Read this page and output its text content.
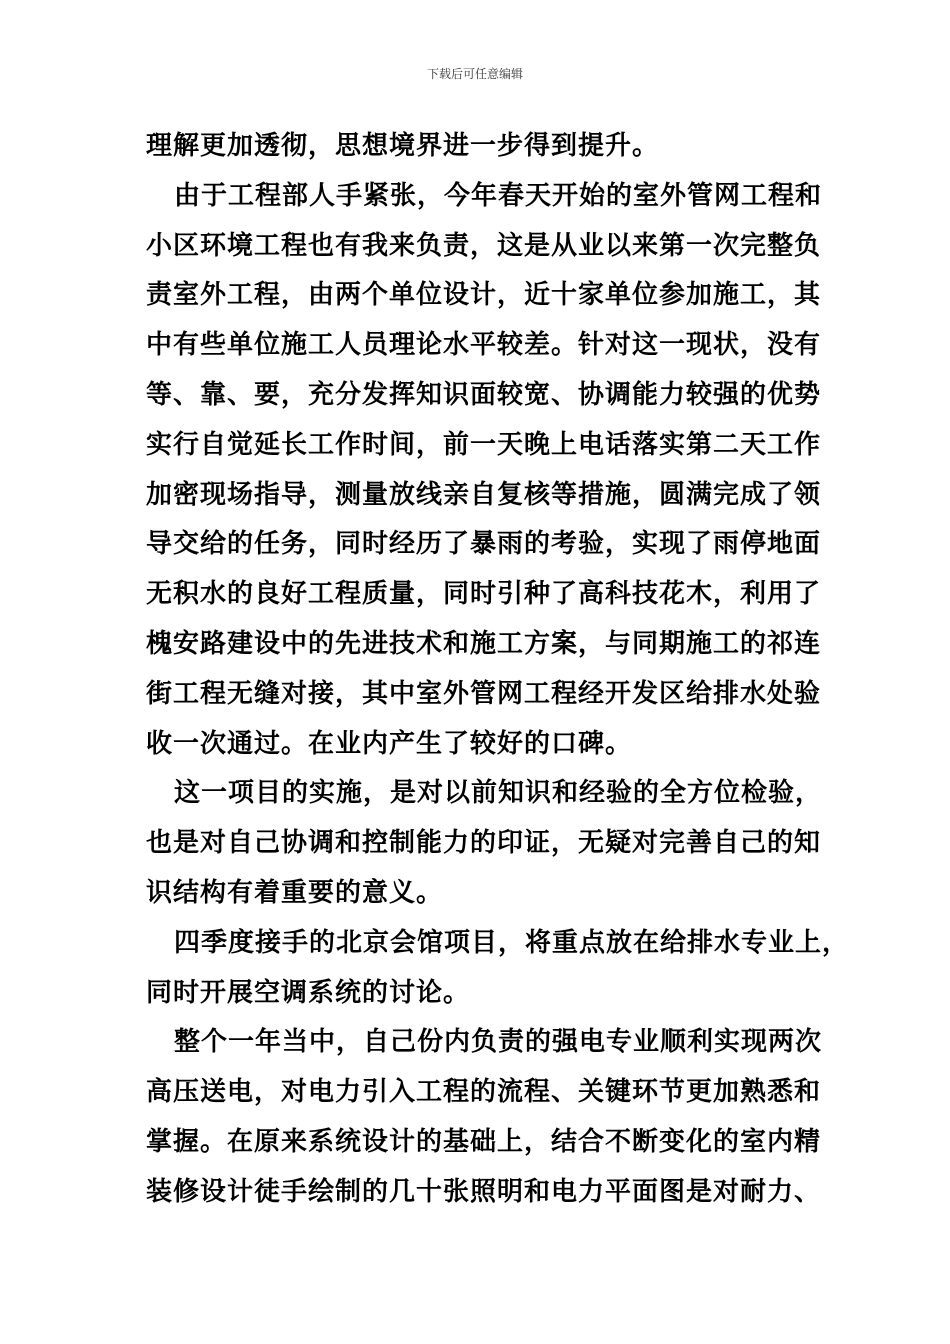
下载后可任意编辑
理解更加透彻，思想境界进一步得到提升。
由于工程部人手紧张，今年春天开始的室外管网工程和
小区环境工程也有我来负责，这是从业以来第一次完整负
责室外工程，由两个单位设计，近十家单位参加施工，其
中有些单位施工人员理论水平较差。针对这一现状，没有
等、靠、要，充分发挥知识面较宽、协调能力较强的优势
实行自觉延长工作时间，前一天晚上电话落实第二天工作
加密现场指导，测量放线亲自复核等措施，圆满完成了领
导交给的任务，同时经历了暴雨的考验，实现了雨停地面
无积水的良好工程质量，同时引种了高科技花木，利用了
槐安路建设中的先进技术和施工方案，与同期施工的祁连
街工程无缝对接，其中室外管网工程经开发区给排水处验
收一次通过。在业内产生了较好的口碑。
这一项目的实施，是对以前知识和经验的全方位检验，
也是对自己协调和控制能力的印证，无疑对完善自己的知
识结构有着重要的意义。
四季度接手的北京会馆项目，将重点放在给排水专业上，
同时开展空调系统的讨论。
整个一年当中，自己份内负责的强电专业顺利实现两次
高压送电，对电力引入工程的流程、关键环节更加熟悉和
掌握。在原来系统设计的基础上，结合不断变化的室内精
装修设计徒手绘制的几十张照明和电力平面图是对耐力、
